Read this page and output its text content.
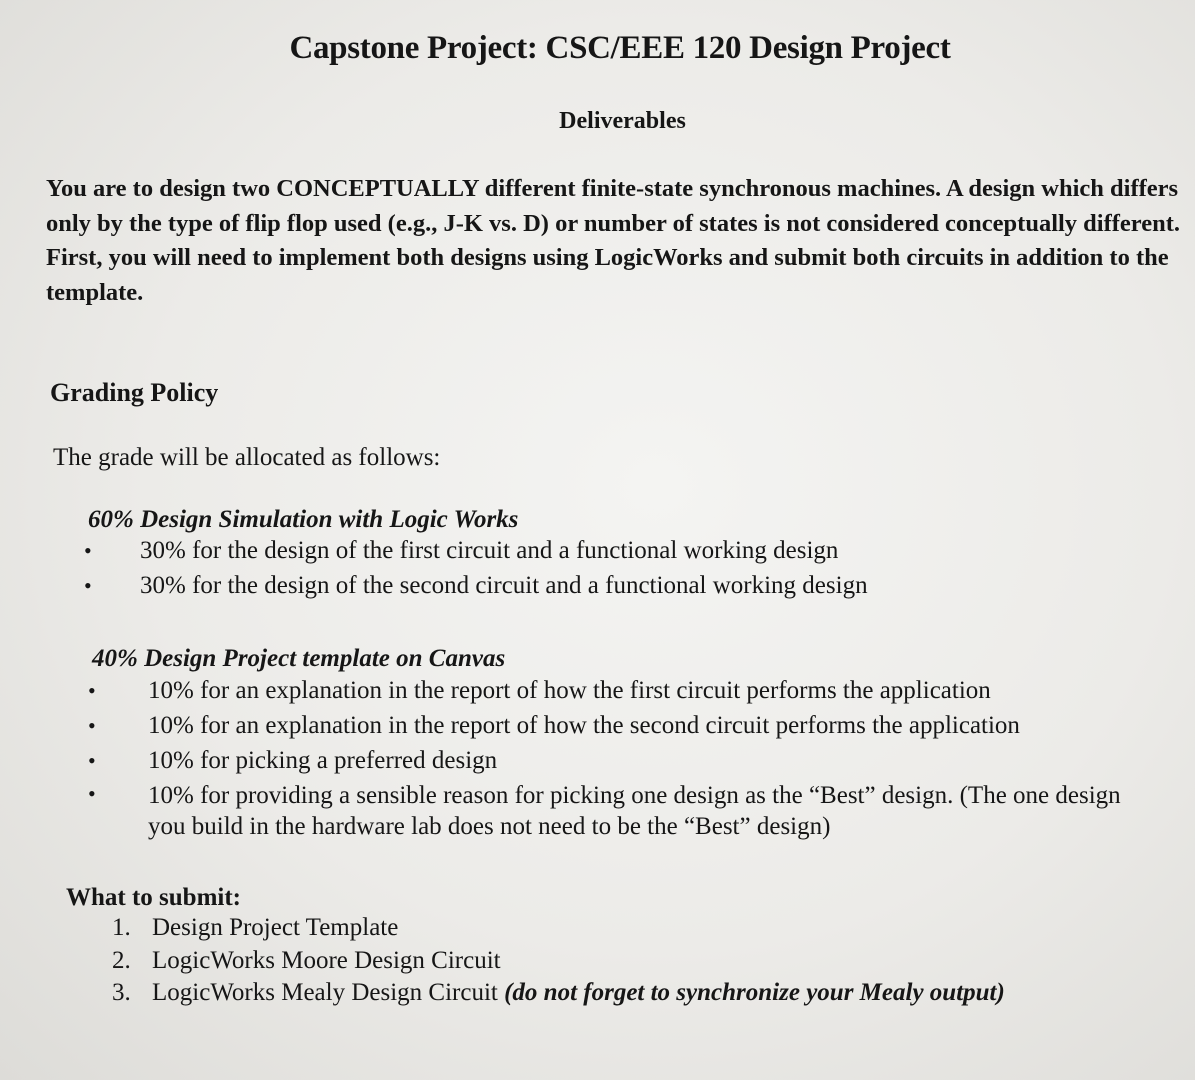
Capstone Project: CSC/EEE 120 Design Project
Deliverables

You are to design two CONCEPTUALLY different finite-state synchronous machines. A design which differs only by the type of flip flop used (e.g., J-K vs. D) or number of states is not considered conceptually different.

First, you will need to implement both designs using LogicWorks and submit both circuits in addition to the template.

Grading Policy
The grade will be allocated as follows:
60% Design Simulation with Logic Works
• 30% for the design of the first circuit and a functional working design
• 30% for the design of the second circuit and a functional working design
40% Design Project template on Canvas
• 10% for an explanation in the report of how the first circuit performs the application
• 10% for an explanation in the report of how the second circuit performs the application
• 10% for picking a preferred design
• 10% for providing a sensible reason for picking one design as the “Best” design. (The one design you build in the hardware lab does not need to be the “Best” design)
What to submit:
1. Design Project Template
2. LogicWorks Moore Design Circuit
3. LogicWorks Mealy Design Circuit (do not forget to synchronize your Mealy output)
